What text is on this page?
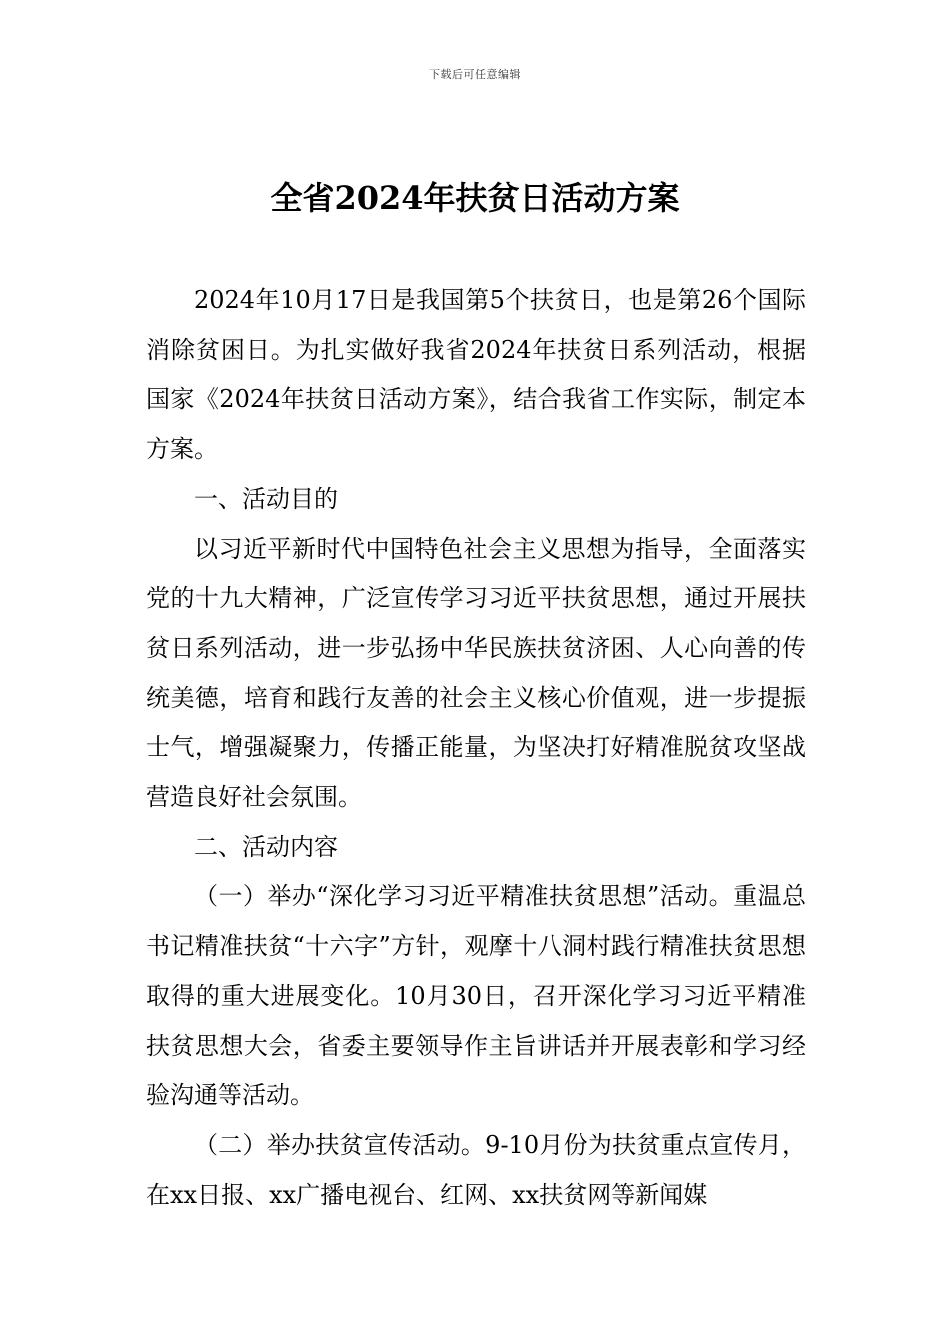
下载后可任意编辑
全省2024年扶贫日活动方案

2024年10月17日是我国第5个扶贫日，也是第26个国际消除贫困日。为扎实做好我省2024年扶贫日系列活动，根据国家《2024年扶贫日活动方案》，结合我省工作实际，制定本方案。

一、活动目的

以习近平新时代中国特色社会主义思想为指导，全面落实党的十九大精神，广泛宣传学习习近平扶贫思想，通过开展扶贫日系列活动，进一步弘扬中华民族扶贫济困、人心向善的传统美德，培育和践行友善的社会主义核心价值观，进一步提振士气，增强凝聚力，传播正能量，为坚决打好精准脱贫攻坚战营造良好社会氛围。

二、活动内容

（一）举办“深化学习习近平精准扶贫思想”活动。重温总书记精准扶贫“十六字”方针，观摩十八洞村践行精准扶贫思想取得的重大进展变化。10月30日，召开深化学习习近平精准扶贫思想大会，省委主要领导作主旨讲话并开展表彰和学习经验沟通等活动。

（二）举办扶贫宣传活动。9-10月份为扶贫重点宣传月，在xx日报、xx广播电视台、红网、xx扶贫网等新闻媒
